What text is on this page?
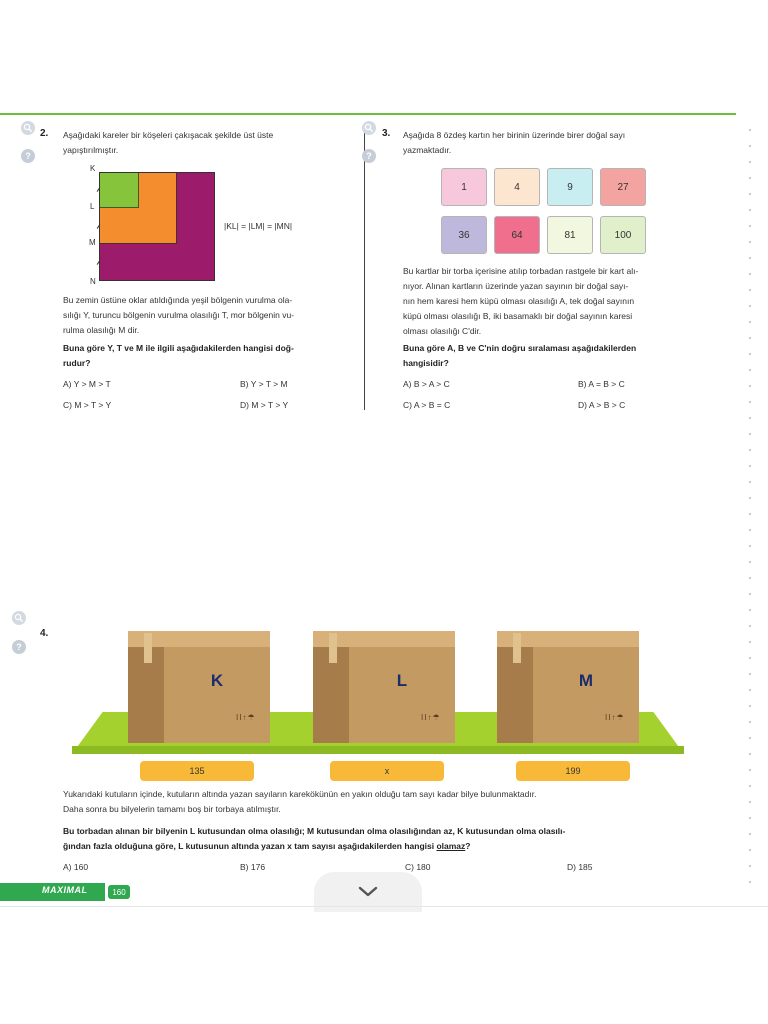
?
2. Aşağıdaki kareler bir köşeleri çakışacak şekilde üst üste
yapıştırılmıştır.
K
L
M
N
|KL| = |LM| = |MN|
Bu zemin üstüne oklar atıldığında yeşil bölgenin vurulma ola-
sılığı Y, turuncu bölgenin vurulma olasılığı T, mor bölgenin vu-
rulma olasılığı M dir.
Buna göre Y, T ve M ile ilgili aşağıdakilerden hangisi doğ-
rudur?
A) Y > M > T	B) Y > T > M
C) M > T > Y	D) M > T > Y
?
3. Aşağıda 8 özdeş kartın her birinin üzerinde birer doğal sayı
yazmaktadır.
1	4	9	27
36	64	81	100
Bu kartlar bir torba içerisine atılıp torbadan rastgele bir kart alı-
nıyor. Alınan kartların üzerinde yazan sayının bir doğal sayı-
nın hem karesi hem küpü olması olasılığı A, tek doğal sayının
küpü olması olasılığı B, iki basamaklı bir doğal sayının karesi
olması olasılığı C'dir.
Buna göre A, B ve C'nin doğru sıralaması aşağıdakilerden
hangisidir?
A) B > A > C	B) A = B > C
C) A > B = C	D) A > B > C
?
4.
K
II↑☂
L
II↑☂
M
II↑☂
135	x	199
Yukarıdaki kutuların içinde, kutuların altında yazan sayıların karekökünün en yakın olduğu tam sayı kadar bilye bulunmaktadır.
Daha sonra bu bilyelerin tamamı boş bir torbaya atılmıştır.
Bu torbadan alınan bir bilyenin L kutusundan olma olasılığı; M kutusundan olma olasılığından az, K kutusundan olma olasılı-
ğından fazla olduğuna göre, L kutusunun altında yazan x tam sayısı aşağıdakilerden hangisi olamaz?
A) 160	B) 176	C) 180	D) 185
MAXIMAL	160
